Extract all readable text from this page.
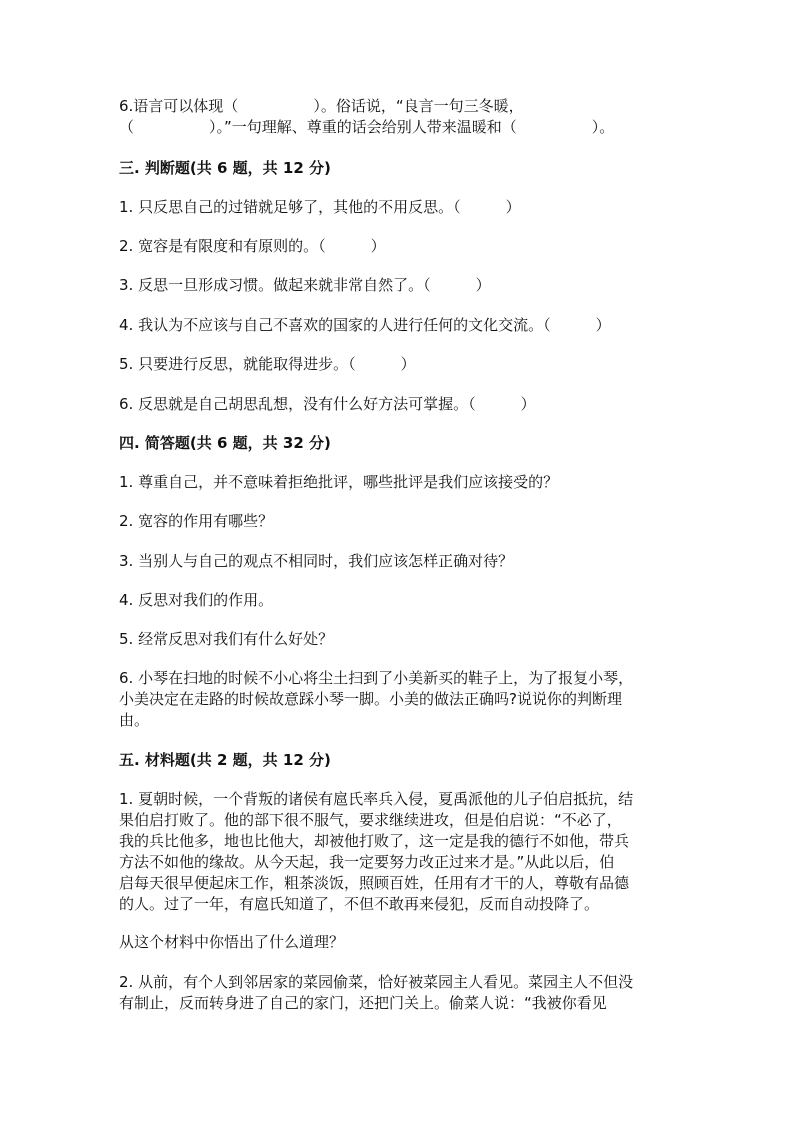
6.语言可以体现（　　　　　）。俗话说，“良言一句三冬暖，
（　　　　　）。”一句理解、尊重的话会给别人带来温暖和（　　　　　）。
三. 判断题(共 6 题，共 12 分)
1. 只反思自己的过错就足够了，其他的不用反思。（　　　）
2. 宽容是有限度和有原则的。（　　　）
3. 反思一旦形成习惯。做起来就非常自然了。（　　　）
4. 我认为不应该与自己不喜欢的国家的人进行任何的文化交流。（　　　）
5. 只要进行反思，就能取得进步。（　　　）
6. 反思就是自己胡思乱想，没有什么好方法可掌握。（　　　）
四. 简答题(共 6 题，共 32 分)
1. 尊重自己，并不意味着拒绝批评，哪些批评是我们应该接受的？
2. 宽容的作用有哪些？
3. 当别人与自己的观点不相同时，我们应该怎样正确对待？
4. 反思对我们的作用。
5. 经常反思对我们有什么好处？
6. 小琴在扫地的时候不小心将尘土扫到了小美新买的鞋子上，为了报复小琴，
小美决定在走路的时候故意踩小琴一脚。小美的做法正确吗?说说你的判断理
由。
五. 材料题(共 2 题，共 12 分)
1. 夏朝时候，一个背叛的诸侯有扈氏率兵入侵，夏禹派他的儿子伯启抵抗，结
果伯启打败了。他的部下很不服气，要求继续进攻，但是伯启说：“不必了，
我的兵比他多，地也比他大，却被他打败了，这一定是我的德行不如他，带兵
方法不如他的缘故。从今天起，我一定要努力改正过来才是。”从此以后，伯
启每天很早便起床工作，粗茶淡饭，照顾百姓，任用有才干的人，尊敬有品德
的人。过了一年，有扈氏知道了，不但不敢再来侵犯，反而自动投降了。
从这个材料中你悟出了什么道理？
2. 从前，有个人到邻居家的菜园偷菜，恰好被菜园主人看见。菜园主人不但没
有制止，反而转身进了自己的家门，还把门关上。偷菜人说：“我被你看见
